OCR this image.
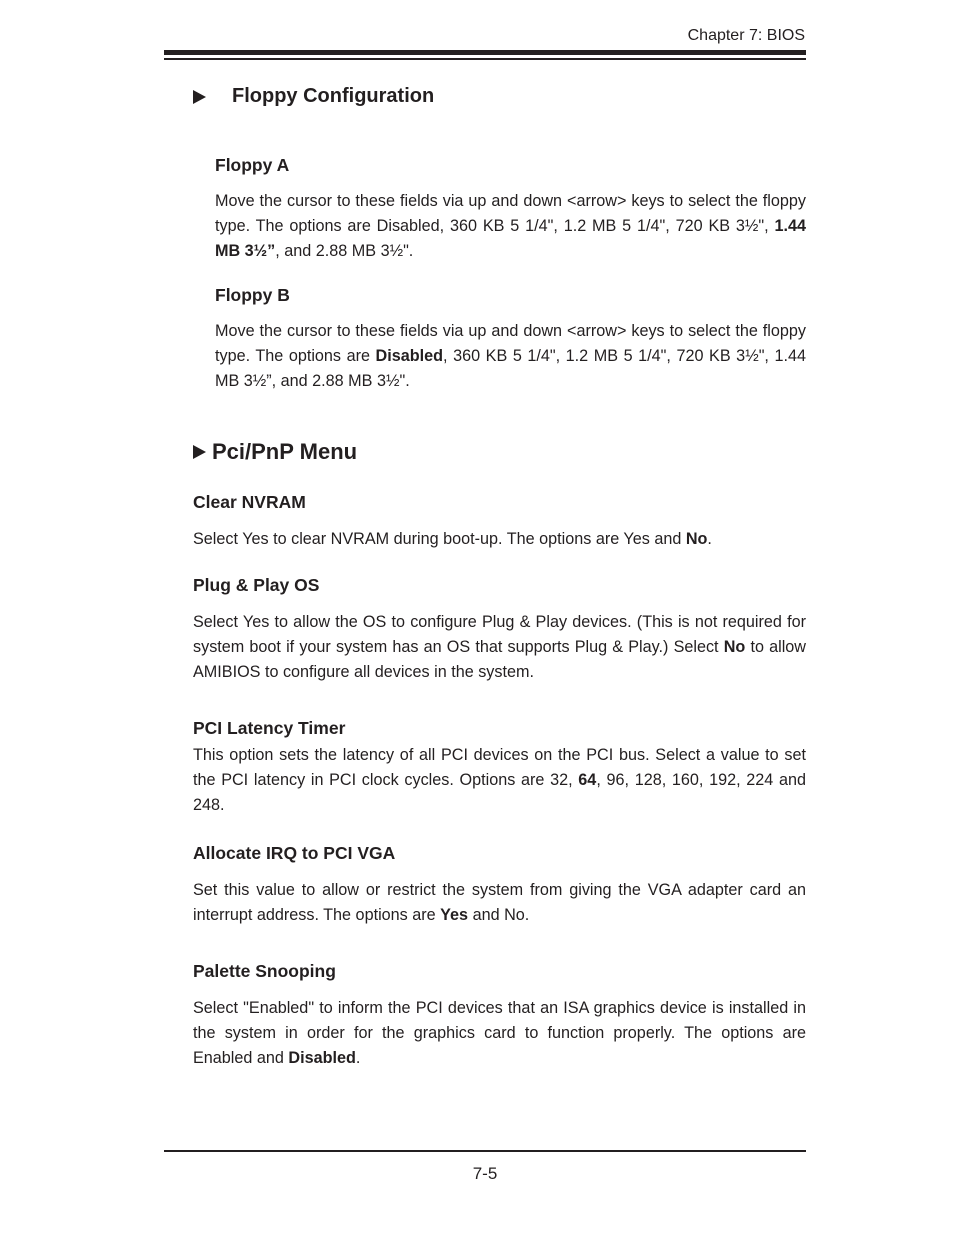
Chapter 7: BIOS
Floppy Configuration
Floppy A
Move the cursor to these fields via up and down <arrow> keys to select the floppy type. The options are Disabled, 360 KB 5 1/4", 1.2 MB 5 1/4", 720 KB 3½", 1.44 MB 3½”, and 2.88 MB 3½".
Floppy B
Move the cursor to these fields via up and down <arrow> keys to select the floppy type. The options are Disabled, 360 KB 5 1/4", 1.2 MB 5 1/4", 720 KB 3½", 1.44 MB 3½”, and 2.88 MB 3½".
Pci/PnP Menu
Clear NVRAM
Select Yes to clear NVRAM during boot-up. The options are Yes and No.
Plug & Play OS
Select Yes to allow the OS to configure Plug & Play devices. (This is not required for system boot if your system has an OS that supports Plug & Play.) Select No to allow AMIBIOS to configure all devices in the system.
PCI Latency Timer
This option sets the latency of all PCI devices on the PCI bus. Select a value to set the PCI latency in PCI clock cycles. Options are 32, 64, 96, 128, 160, 192, 224 and 248.
Allocate IRQ to PCI VGA
Set this value to allow or restrict the system from giving the VGA adapter card an interrupt address. The options are Yes and No.
Palette Snooping
Select "Enabled" to inform the PCI devices that an ISA graphics device is installed in the system in order for the graphics card to function properly. The options are Enabled and Disabled.
7-5
